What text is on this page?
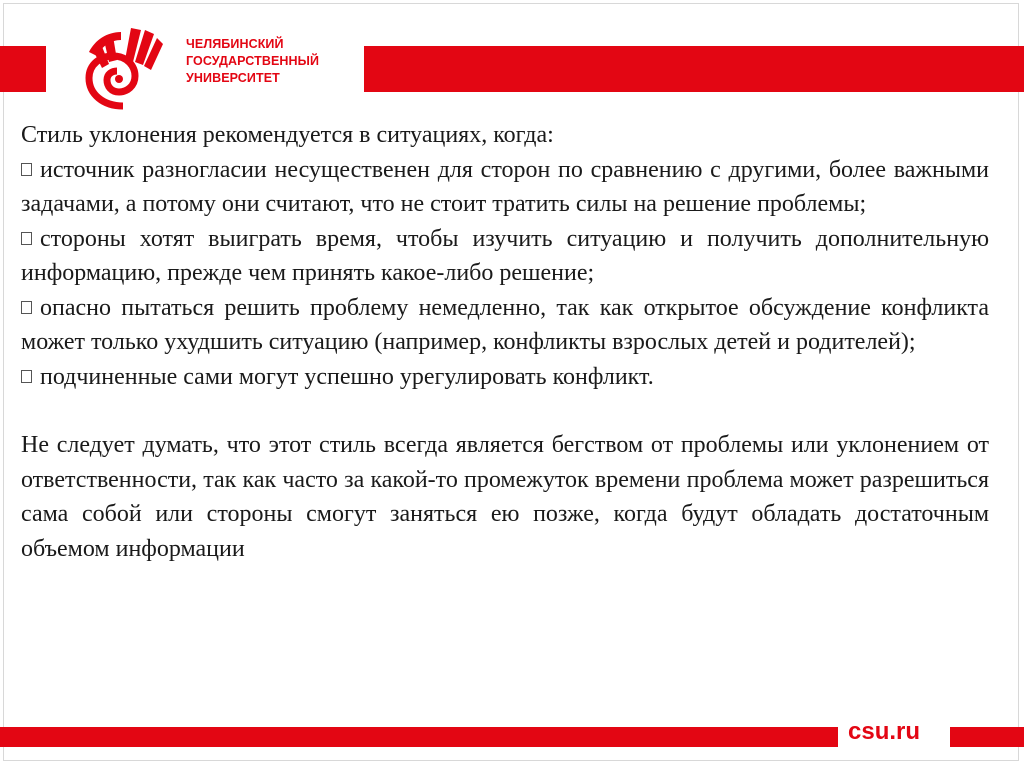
ЧЕЛЯБИНСКИЙ
ГОСУДАРСТВЕННЫЙ
УНИВЕРСИТЕТ

Стиль уклонения рекомендуется в ситуациях, когда:

источник разногласии несущественен для сторон по сравнению с другими, более важными задачами, а потому они считают, что не стоит тратить силы на решение проблемы;

стороны хотят выиграть время, чтобы изучить ситуацию и получить дополнительную информацию, прежде чем принять какое-либо решение;

опасно пытаться решить проблему немедленно, так как открытое обсуждение конфликта может только ухудшить ситуацию (например, конфликты взрослых детей и родителей);

подчиненные сами могут успешно урегулировать конфликт.

Не следует думать, что этот стиль всегда является бегством от проблемы или уклонением от ответственности, так как часто за какой-то промежуток времени проблема может разрешиться сама собой или стороны смогут заняться ею позже, когда будут обладать достаточным объемом информации

csu.ru
